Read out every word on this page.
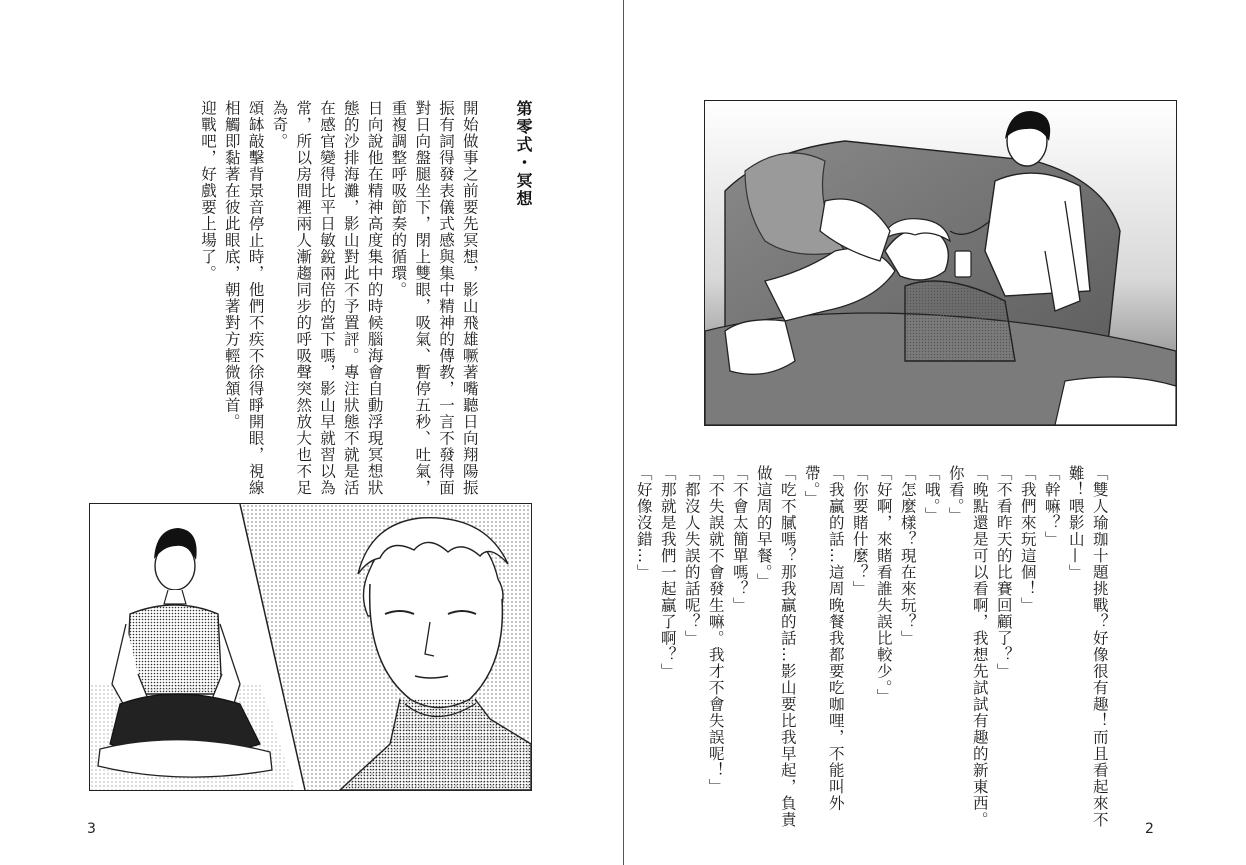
第零式・冥想
開始做事之前要先冥想，影山飛雄噘著嘴聽日向翔陽振
振有詞得發表儀式感與集中精神的傳教，一言不發得面
對日向盤腿坐下，閉上雙眼，吸氣、暫停五秒、吐氣，
重複調整呼吸節奏的循環。
日向說他在精神高度集中的時候腦海會自動浮現冥想狀
態的沙排海灘，影山對此不予置評。專注狀態不就是活
在感官變得比平日敏銳兩倍的當下嗎，影山早就習以為
常，所以房間裡兩人漸趨同步的呼吸聲突然放大也不足
為奇。
頌缽敲擊背景音停止時，他們不疾不徐得睜開眼，視線
相觸即黏著在彼此眼底，朝著對方輕微頷首。
迎戰吧，好戲要上場了。
3
「雙人瑜珈十題挑戰？好像很有趣！而且看起來不
難！喂影山—」
「幹嘛？」
「我們來玩這個！」
「不看昨天的比賽回顧了？」
「晚點還是可以看啊，我想先試試有趣的新東西。
你看。」
「哦。」
「怎麼樣？現在來玩？」
「好啊，來賭看誰失誤比較少。」
「你要賭什麼？」
「我贏的話…這周晚餐我都要吃咖哩，不能叫外
帶。」
「吃不膩嗎？那我贏的話…影山要比我早起，負責
做這周的早餐。」
「不會太簡單嗎？」
「不失誤就不會發生嘛。我才不會失誤呢！」
「都沒人失誤的話呢？」
「那就是我們一起贏了啊？」
「好像沒錯…」
2
